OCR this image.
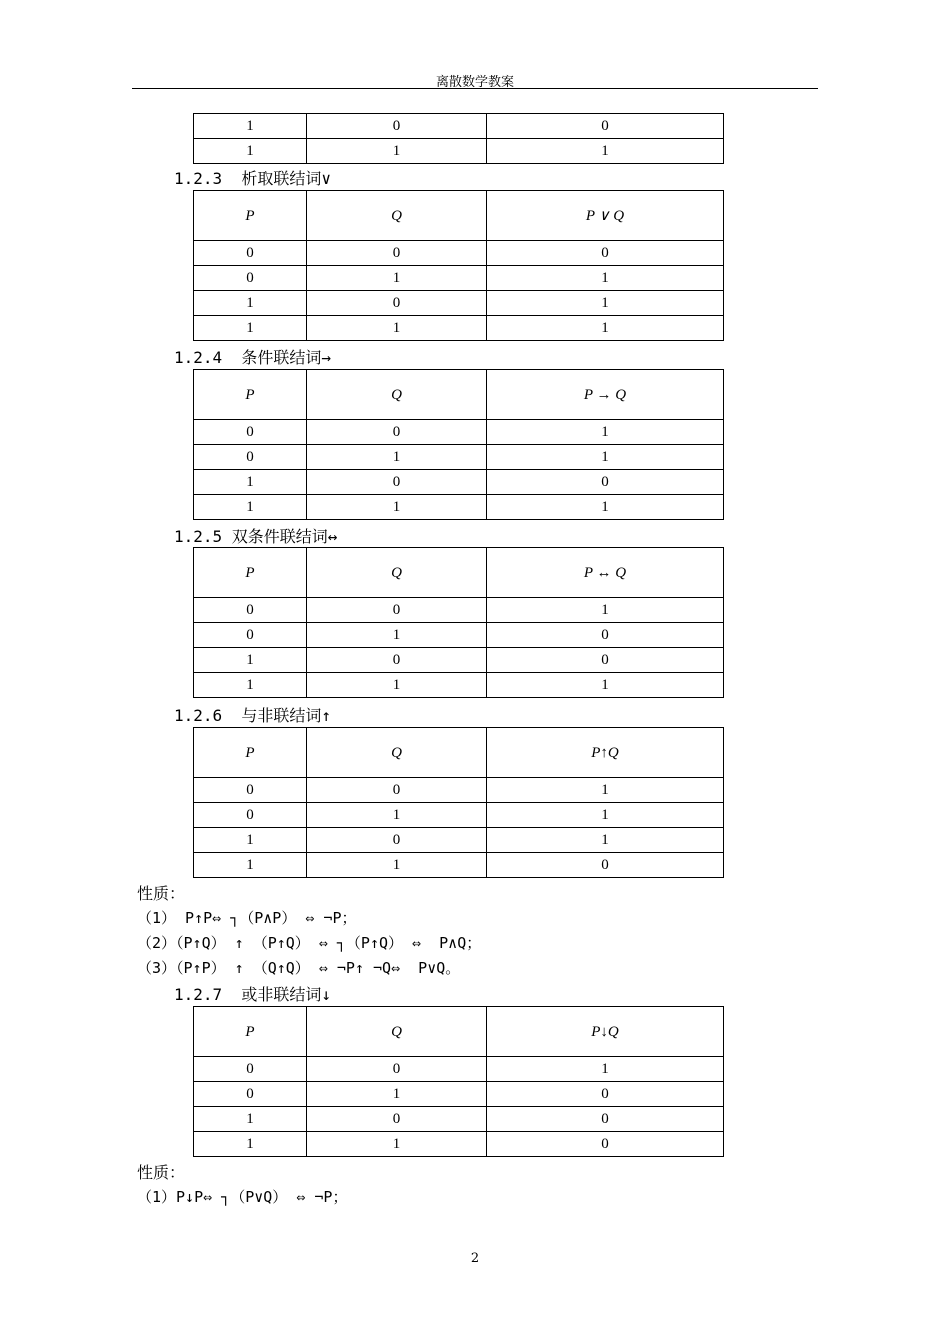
离散数学教案
1	0	0
1	1	1
1.2.3  析取联结词∨
P	Q	P ∨ Q
0	0	0
0	1	1
1	0	1
1	1	1
1.2.4  条件联结词→
P	Q	P → Q
0	0	1
0	1	1
1	0	0
1	1	1
1.2.5 双条件联结词↔
P	Q	P ↔ Q
0	0	1
0	1	0
1	0	0
1	1	1
1.2.6  与非联结词↑
P	Q	P↑Q
0	0	1
0	1	1
1	0	1
1	1	0
性质：
（1） P↑P⇔ ┐（P∧P） ⇔ ¬P；
（2）（P↑Q） ↑ （P↑Q） ⇔ ┐（P↑Q） ⇔  P∧Q；
（3）（P↑P） ↑ （Q↑Q） ⇔ ¬P↑ ¬Q⇔  P∨Q。
1.2.7  或非联结词↓
P	Q	P↓Q
0	0	1
0	1	0
1	0	0
1	1	0
性质：
（1）P↓P⇔ ┐（P∨Q） ⇔ ¬P；
2
